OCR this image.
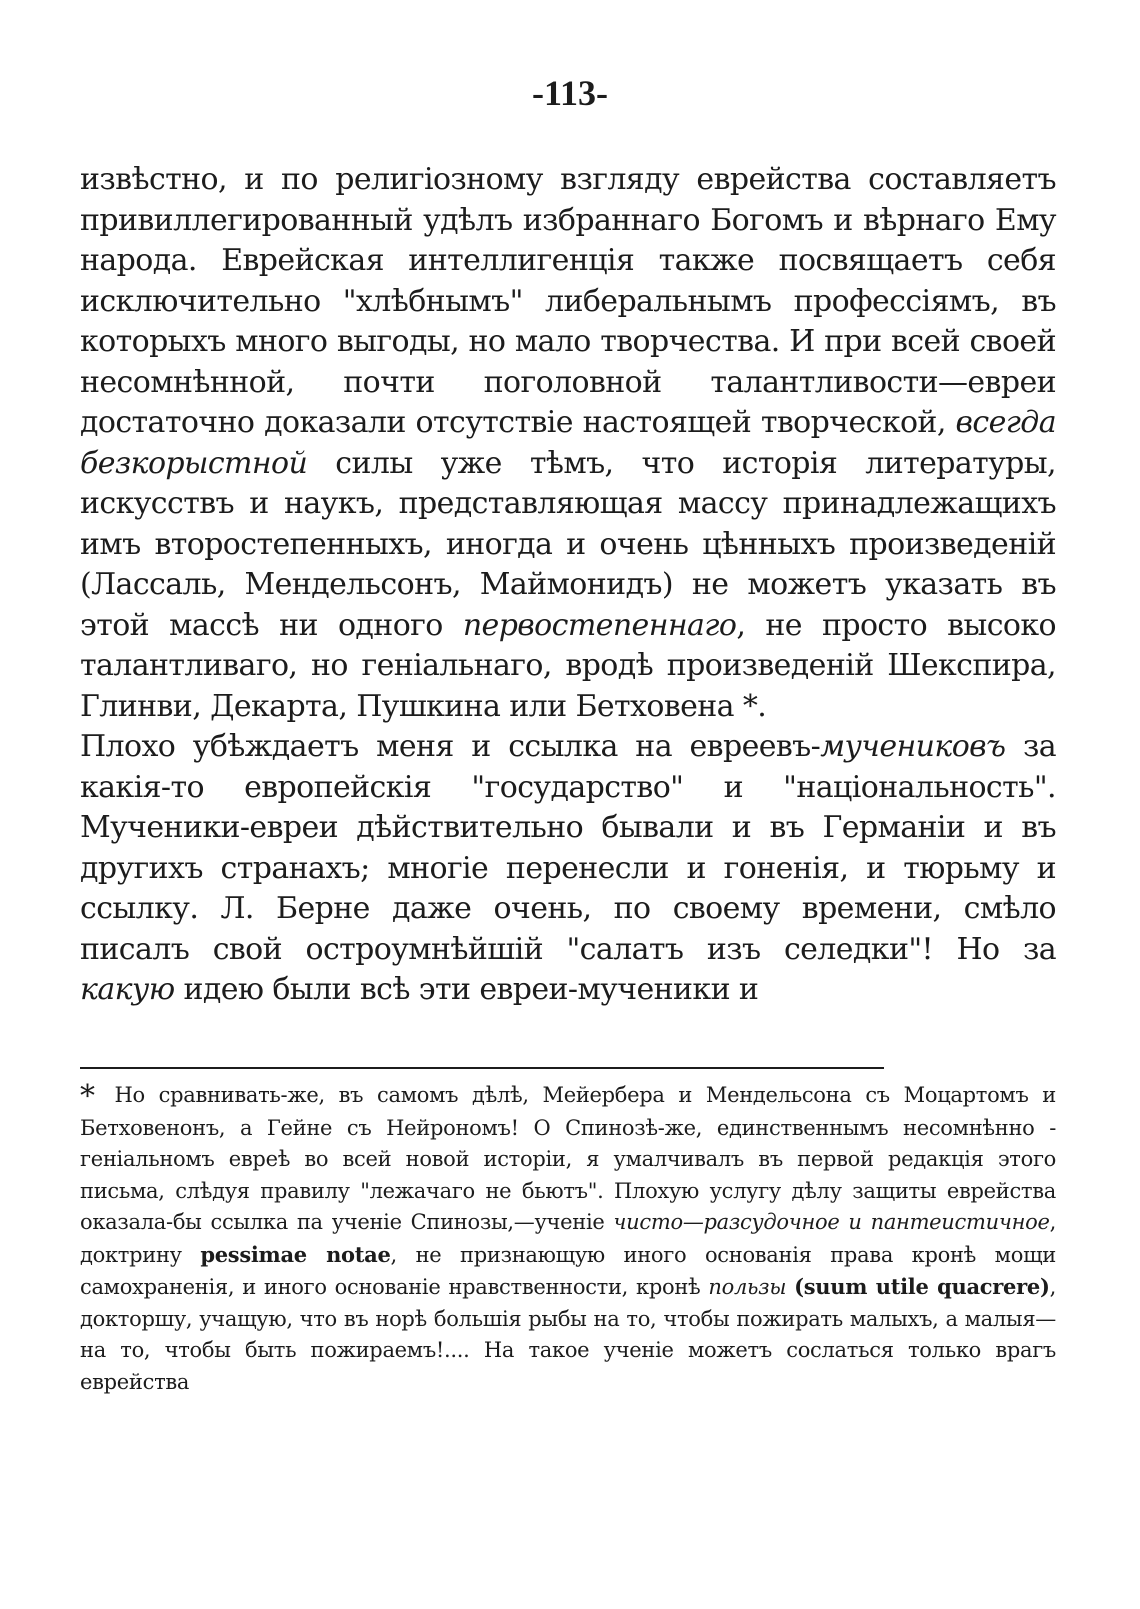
-113-

извѣстно, и по религіозному взгляду еврейства составляетъ привиллегированный удѣлъ избраннаго Богомъ и вѣрнаго Ему народа. Еврейская интеллигенція также посвящаетъ себя исключительно "хлѣбнымъ" либеральнымъ профессіямъ, въ которыхъ много выгоды, но мало творчества. И при всей своей несомнѣнной, почти поголовной талантливости—евреи достаточно доказали отсутствіе настоящей творческой, всегда безкорыстной силы уже тѣмъ, что исторія литературы, искусствъ и наукъ, представляющая массу принадлежащихъ имъ второстепенныхъ, иногда и очень цѣнныхъ произведеній (Лассаль, Мендельсонъ, Маймонидъ) не можетъ указать въ этой массѣ ни одного первостепеннаго, не просто высоко талантливаго, но геніальнаго, вродѣ произведеній Шекспира, Глинви, Декарта, Пушкина или Бетховена *.

Плохо убѣждаетъ меня и ссылка на евреевъ-мучениковъ за какія-то европейскія "государство" и "національность". Мученики-евреи дѣйствительно бывали и въ Германіи и въ другихъ странахъ; многіе перенесли и гоненія, и тюрьму и ссылку. Л. Берне даже очень, по своему времени, смѣло писалъ свой остроумнѣйшій "салатъ изъ селедки"! Но за какую идею были всѣ эти евреи-мученики и

* Но сравнивать-же, въ самомъ дѣлѣ, Мейербера и Мендельсона съ Моцартомъ и Бетховенонъ, а Гейне съ Нейрономъ! О Спинозѣ-же, единственнымъ несомнѣнно - геніальномъ евреѣ во всей новой исторіи, я умалчивалъ въ первой редакція этого письма, слѣдуя правилу "лежачаго не бьютъ". Плохую услугу дѣлу защиты еврейства оказала-бы ссылка па ученіе Спинозы,—ученіе чисто—разсудочное и пантеистичное, доктрину pessimae notae, не признающую иного основанія права кронѣ мощи самохраненія, и иного основаніе нравственности, кронѣ пользы (suum utile quacrere), доктоpшу, учащую, что въ норѣ большія рыбы на то, чтобы пожирать малыхъ, а малыя— на то, чтобы быть пожираемъ!.... На такое ученіе можетъ сослаться только врагъ еврейства
